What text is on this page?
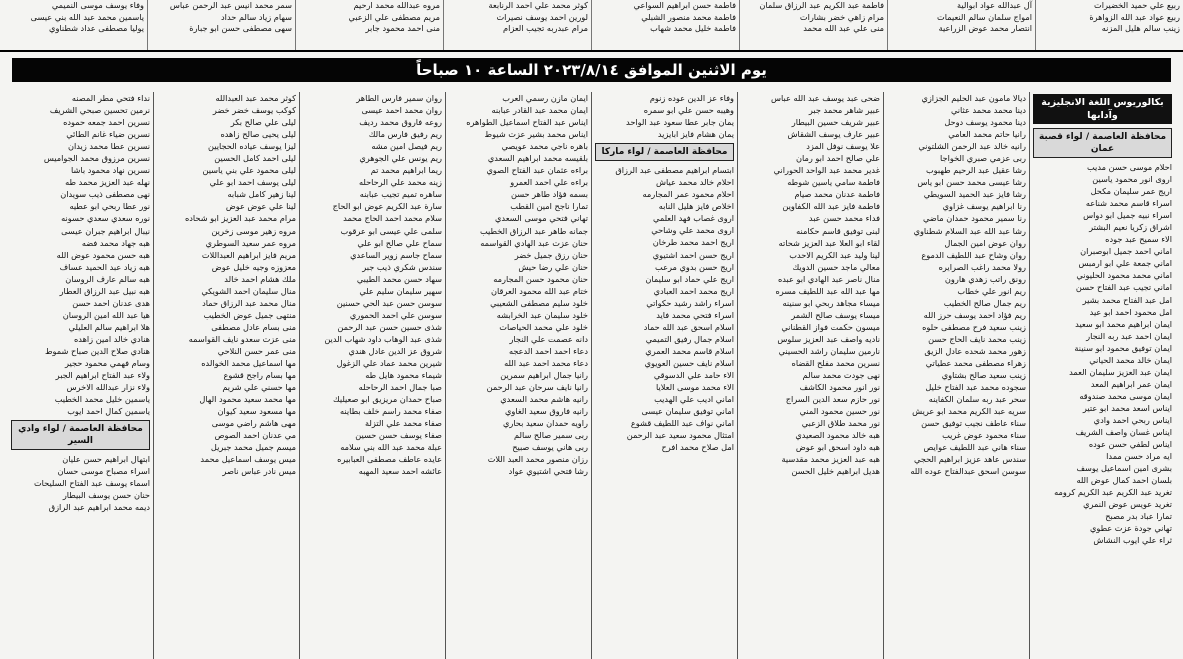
ربيع علي حميد الخضيرات
ربيع عواد عبد الله الزواهرة
زينب سالم هليل المزنه
آل عبدالله عواد ابوالية
امواج سلمان سالم النعيمات
انتصار محمد عوض الزراعية
فاطمة عبد الكريم عبد الرزاق سلمان
مرام زاهي خضر بشارات
منى علي عبد الله محمد
فاطمة حسن ابراهيم السواعي
فاطمة محمد منصور الشبلي
فاطمة خليل محمد شهاب
كوثر محمد علي احمد الرنابعة
لورين احمد يوسف نصيرات
مرام عبدربه تجيب العزام
مروه عبدالله محمد ارحيم
مريم مصطفى علي الزعبي
منى احمد محمود جابر
سمر محمد انيس عبد الرحمن عباس
سهام زياد سالم حداد
سهى مصطفى حسن ابو جبارة
وفاء يوسف موسى النميمي
ياسمين محمد عبد الله بني عيسى
يوليا مصطفى عداد شطناوي
يوم الاثنين الموافق ٢٠٢٣/٨/١٤ الساعة ١٠ صباحاً
بكالوريوس اللغة الانجليزية وآدابها
محافظة العاصمة / لواء قصبة عمان
احلام موسى حسن مديب
اروى انور محمود ياسين
اريج عمر سليمان مكحل
اسراء قاسم محمد شناعه
اسراء نبيه جميل ابو دواس
اشراق زكريا نعيم البشتر
الاء سميح عبد جوده
اماني احمد جميل ابوصبران
اماني جمعة علي ابو ارمبس
اماني محمد محمود الحليوني
اماني تجيب عبد الفتاح حسن
امل عبد الفتاح محمد بشير
امل محمود احمد ابو عيد
ايمان ابراهيم محمد ابو سعيد
ايمان احمد عبد ربه النجار
ايمان توفيق محمود ابو سنينة
ايمان خالد محمد الحياني
ايمان عبد العزيز سليمان العمد
ايمان عمر ابراهيم المعد
ايمان موسى محمد صندوقه
ايناس اسعد محمد ابو عتير
ايناس ربحي احمد وادي
ايناس غسان واصف الشريف
ايناس لطفي حسن عوده
ايه مراد حسن ممدا
بشرى امين اسماعيل يوسف
بلسان احمد كمال عوض الله
تغريد عبد الكريم عبد الكريم كرومه
تغريد عويس عوض النمري
تمارا عباد بدر مصبح
تهاني جودة عزت عطوي
ثراء علي ايوب النشاش
ديالا مامون عبد الحليم الجزازي
دينا محمد محمد عثاني
دينا محمود يوسف دوحل
رانيا حاتم محمد العامي
رانيه خالد عبد الرحمن الشلتوني
ربى عزمي صبري الخواجا
رشا عقيل عبد الرحيم طهبوب
رشا عيسى محمد حسن ابو ياس
رشا فايز عبد الحميد السويطي
رنا ابراهيم يوسف غزاوي
رنا سمير محمود حمدان ماضي
رشا عبد الله عبد السلام شطناوي
روان عوض امين الجمال
روان وشاح عبد اللطيف الدموع
رولا محمد راغب الصرايره
رونق راتب زهدي هارون
ريم انور علي خطاب
ريم جمال صالح الخطيب
ريم فؤاد احمد يوسف حرز الله
زينب سعيد فرح مصطفى حلوه
زينب محمد نايف الحاج حسن
زهور محمد شحده عادل الزيق
زهراء مصطفى محمد عطياتي
زينب سعيد صالح بشتاوي
سجوده محمد عبد الفتاح خليل
سحر عبد ربه سلمان الكفاينه
سريه عبد الكريم محمد ابو عريش
سناء عاطف نجيب توفيق حسن
سناء محمود عوض غريب
سناء هاني عبد اللطيف عوايص
سندس عاهد عزيز ابراهيم الحجي
سوسن اسحق عبدالفتاح عوده الله
ضحى عبد يوسف عبد الله عباس
عبير شاهر محمد جبر
عبير شريف حسين البيطار
عبير عارف يوسف الشقاش
علا يوسف نوفل المزد
علي صالح احمد ابو رمان
غدير محمد عبد الواحد الحوراني
فاطمة سامي ياسين شوطه
فاطمة عدنان محمد صيام
فاطمة فايز عبد الله الكفاوين
فداء محمد حسن عبد
لبنى توفيق قاسم حكامنه
لقاء ابو العلا عبد العزيز شحاته
لينا وليد عبد الكريم الاحدب
معالي ماجد حسين الدويك
منال ناصر عبد الهادي ابو عبده
مها عبد الله عبد اللطيف مسره
ميساء مجاهد ربحي ابو سنينه
ميساء يوسف صالح الشمر
ميسون حكمت فواز القطناني
ناديه واصف عبد العزيز سلوس
نارمين سليمان راشد الحسيني
نسرين محمد مفلح القضاه
نهى جودت محمد سالم
نور انور محمود الكاشف
نور حازم سعد الدين السراج
نور حسين محمود المني
نور محمد طلاق الزعبي
هبه خالد محمود الصعيدي
هبه داود اسحق ابو عوض
هبه عبد العزيز محمد مقدسية
هديل ابراهيم خليل الحسن
وفاء عز الدين عوده زنوم
وهيبه حسن علي ابو سمره
يمان جابر عطا سعود عبد الواحد
يمان هشام فايز ابايزيد
محافظة العاصمة / لواء ماركا
ابتسام ابراهيم مصطفى عبد الرزاق
احلام خالد محمد عياش
احلام محمود عمر المجارمه
اخلاص فايز هليل النابه
اروى غصاب فهد العلمي
اروى محمد علي وشاحي
اريج احمد محمد طرخان
اريج حسن احمد اشتيوي
اريج حسن بدوي مرعب
اريج علي حماد ابو سليمان
اريج محمد احمد العبادي
اسراء راشد رشيد حكواتي
اسراء فتحي محمد فايد
اسلام اسحق عبد الله حماد
اسلام جمال رفيق التميمي
اسلام قاسم محمد العمري
اسلام نايف حسين العويوي
الاء حامد علي الدسوقي
الاء محمد موسى العلايا
اماني اديب علي الهديب
اماني توفيق سليمان عيسى
اماني نواف عبد اللطيف قشوع
امتثال محمود سعيد عبد الرحمن
امل صلاح محمد افرح
ايمان مازن رسمي العرب
ايمان محمد عبد القادر عبابنه
ايناس عبد الفتاح اسماعيل الطواهره
ايناس محمد بشير عزت شيوط
باهره ناجي محمد عويصي
بلقيسه محمد ابراهيم السعدي
براءه عثمان عبد الفتاح الصوي
براءه علي احمد العمرو
بسمه فؤاد طاهر حسن
تمارا ناجح امين القطب
تهاني فتحي موسى السعدي
جمانه طاهر عبد الرزاق الخطيب
حنان عزت عبد الهادي القواسمه
حنان رزق جميل خضر
حنان علي رضا حيش
حنان محمود حسن المجارمه
ختام عبد الله محمود العرقان
خلود سليم مصطفى الشعيبي
خلود سليمان عبد الخرابشه
خلود علي محمد الحياصات
دانه عصمت علي النجار
دعاء احمد احمد الدعجه
دعاء محمد احمد عبد الله
رانيا جمال ابراهيم سمرين
رانيا نايف سرحان عبد الرحمن
رانيه هاشم محمد السعدي
رانيه فاروق سعيد الغاوي
راويه حمدان سعيد بحاري
ربى سمير صالح سالم
ربى هاني يوسف صبيح
رزان منصور محمد العبد اللات
رشا فتحي اشتيوي عواد
روان سمير فارس الطاهر
روان محمد احمد عيسى
روعه فاروق محمد رديف
ريم رفيق فارس مالك
ريم فيصل امين مشه
ريم يونس علي الجوهري
ريما ابراهيم محمد تم
زينه محمد علي الرحاحله
ساهره تميم تجيب عبابنه
سارة عبد الكريم عوض ابو الحاج
سلام محمد احمد الحاج محمد
سلمى علي عيسى ابو عرقوب
سماح علي صالح ابو علي
سماح جاسم زوير الساعدي
سندس شكري ذيب جبر
سهاد حسن محمد الطيبي
سهير سليمان سليم علي
سوسن حسن عبد الحي حسنين
سوسن علي احمد الحموري
شذى حسين حسن عبد الرحمن
شذى عبد الوهاب داود شهاب الدين
شروق عز الدين عادل هندي
شيرين محمد عماد علي الزغول
شيماء محمود هايل طه
صبا جمال احمد الرحاحله
صباح حمدان مريزيق ابو صعيليك
صفاء محمد راسم خلف بطاينه
صفاء محمد علي التزلة
صفاء يوسف حسن حسين
عبلة محمد عبد الله بني سلامه
عايده عاطف مصطفى العبابيره
عائشه احمد سعيد المهبه
كوثر محمد عبد العبدالله
كوكب يوسف خضر خضر
ليلى علي صالح بكر
ليلى يحيى صالح زاهده
ليزا يوسف عياده الحجايين
ليلى احمد كامل الحسين
ليلى محمود علي بني ياسين
ليلى يوسف احمد ابو علي
لينا زهير كامل شبابه
لينا علي عوض عوض
مرام محمد عبد العزيز ابو شحاده
مروه زهير موسى زخرين
مروه عمر سعيد السوطري
مريم فايز ابراهيم العبداللات
معزوزه وجيه خليل عوض
ملك هشام احمد خالد
منال سليمان احمد الشويكي
منال محمد عبد الرزاق حماد
منتهى جميل عوض الخطيب
منى بسام عادل مصطفى
منى عزت سعدو نايف القواسمه
منى عمر حسن النلاحي
مها اسماعيل محمد الخوالده
مها بسام راجح قشوع
مها حسني علي شريم
مها محمد سعيد محمود الهال
مها مسعود سعيد كيوان
مهى هاشم راضي موسى
مي عدنان احمد الصوص
ميسم جميل محمد جبريل
ميس يوسف اسماعيل محمد
ميس نادر عباس ناصر
نداء فتحي مطر المصنه
نرمين تحسين صبحي الشريف
نسرين احمد جمعه حموده
نسرين ضياء غانم الطائي
نسرين عطا محمد زيدان
نسرين مرزوق محمد الجواميس
نسرين نهاد محمود باشا
نهله عبد العزيز محمد طه
نهى مصطفى ذيب سويدان
نور عطا ربحي ابو عطيه
نوره سعدي سعدي حسونه
نيبال ابراهيم جبران عيسى
هبه جهاد محمد فضه
هبه حسن محمود عوض الله
هبه زياد عبد الحميد عساف
هبه سالم عارف الروسان
هبه نبيل عبد الرزاق العطار
هدى عدنان احمد حسن
هيا عبد الله امين الروسان
هلا ابراهيم سالم العليلي
هنادي خالد امين زاهده
هنادي صلاح الدين صباح شموط
وسام فهمي محمود حجير
ولاء عبد الفتاح ابراهيم الجبر
ولاء نزار عبدالله الاخرس
ياسمين خليل محمد الخطيب
ياسمين كمال احمد ايوب
محافظة العاصمة / لواء وادي السير
ابتهال ابراهيم حسن عليان
اسراء مصباح موسى حسان
اسماء يوسف عبد الفتاح السليحات
حنان حسن يوسف البيطار
ديمه محمد ابراهيم عبد الرازق
